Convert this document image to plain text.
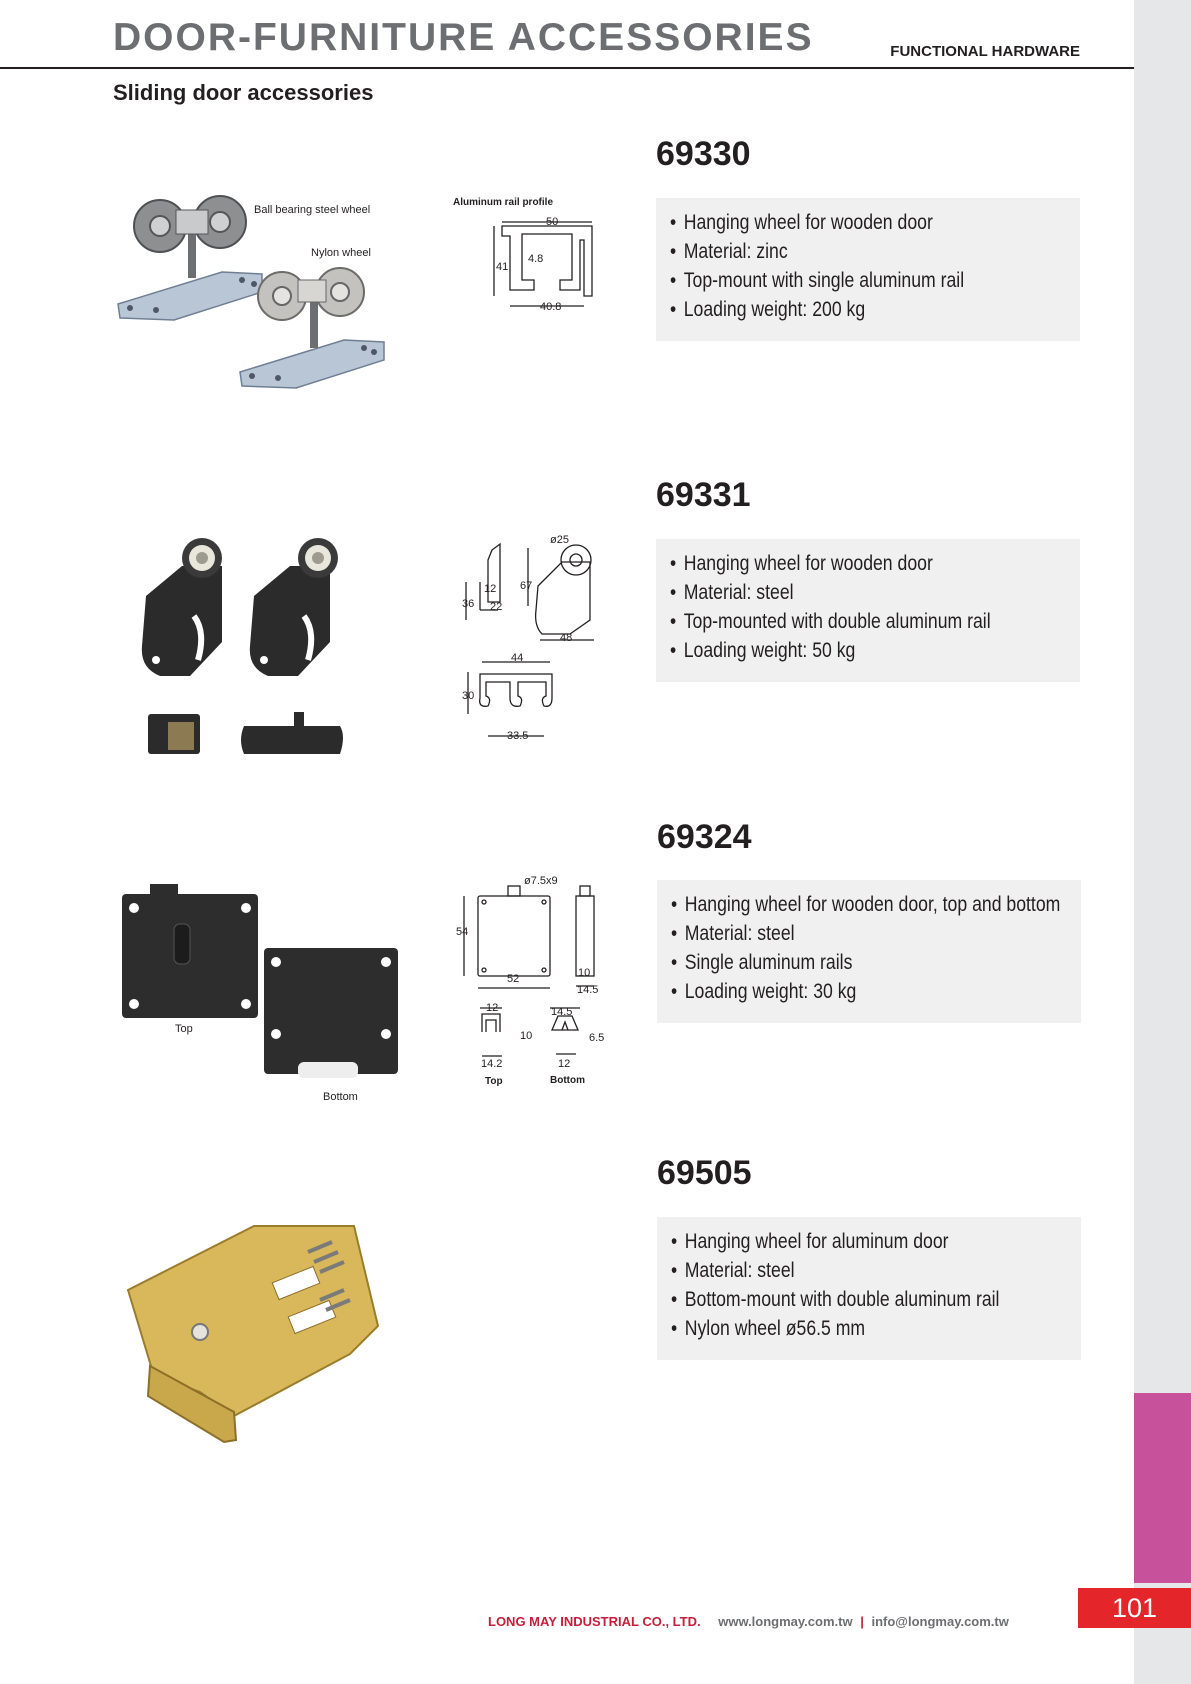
101
DOOR-FURNITURE ACCESSORIES	FUNCTIONAL HARDWARE
Sliding door accessories
69330
• Hanging wheel for wooden door
• Material: zinc
• Top-mount with single aluminum rail
• Loading weight: 200 kg
Ball bearing steel wheel
Nylon wheel
Aluminum rail profile
50
41
4.8
40.8
69331
• Hanging wheel for wooden door
• Material: steel
• Top-mounted with double aluminum rail
• Loading weight: 50 kg
ø25
67
12
36 22
48
44
30
33.5
69324
• Hanging wheel for wooden door, top and bottom
• Material: steel
• Single aluminum rails
• Loading weight: 30 kg
Top
Bottom
ø7.5x9
54
52	10
14.5
12
10
14.2
14.5
6.5
12
Top	Bottom
69505
• Hanging wheel for aluminum door
• Material: steel
• Bottom-mount with double aluminum rail
• Nylon wheel ø56.5 mm
LONG MAY INDUSTRIAL CO., LTD. www.longmay.com.tw | info@longmay.com.tw
